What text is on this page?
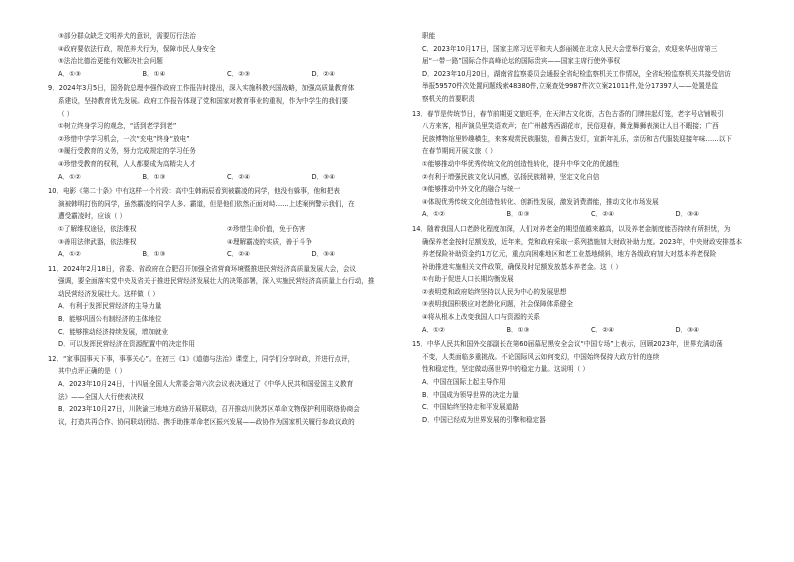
③部分群众缺乏文明养犬的意识，需要厉行法治
④政府要依法行政，规范养犬行为，保障市民人身安全
⑤法治比德治更能有效解决社会问题
A．①③	B．①④	C．②③	D．②④
9．2024年3月5日，国务院总理李强作政府工作报告时提出，深入实施科教兴国战略，加强高质量教育体
系建设，坚持教育优先发展。政府工作报告体现了党和国家对教育事业的重视，作为中学生的我们要
（ ）
①树立终身学习的观念，“活到老学到老”
②珍惜中学学习机会，一次“充电”终身“放电”
③履行受教育的义务，努力完成规定的学习任务
④珍惜受教育的权利，人人都要成为高精尖人才
A．①②	B．①③	C．②④	D．③④
10．电影《第二十条》中有这样一个片段：高中生韩雨辰看到被霸凌的同学，他没有躲事，他和把表
演被韩明打伤的同学，虽然霸凌的同学人多、霸道，但是他们依然正面对峙……上述案例警示我们，在
遭受霸凌时，应该（ ）
①了解维权途径，依法维权	②珍惜生命价值，免于伤害
③善用法律武器，依法维权	④理解霸凌的实质，善于斗争
A．①②	B．①③	C．②④	D．③④
11．2024年2月18日，省委、省政府在合肥召开加强全省营商环境暨推进民营经济高质量发展大会，会议
强调，要全面落实党中央及省关于推进民营经济发展壮大的决策部署，深入实施民营经济高质量上台行动，推
动民营经济发展壮大。这样做（ ）
A．有利于发挥民营经济的主导力量
B．能够巩固公有制经济的主体地位
C．能够推动经济持续发展，增加就业
D．可以发挥民营经济在资源配置中的决定作用
12．“家事国事天下事，事事关心”。在初三《1》《道德与法治》课堂上，同学们分享时政，并进行点评，
其中点评正确的是（ ）
A．2023年10月24日，十四届全国人大常委会第六次会议表决通过了《中华人民共和国爱国主义教育
法》——全国人大行使表决权
B．2023年10月27日，川陕渝三地地方政协开展联动，召开推动川陕苏区革命文物保护利用联络协商会
议，打造共再合作、协同联动团结、携手助推革命老区振兴发展——政协作为国家机关履行参政议政的
职能
C．2023年10月17日，国家主席习近平和夫人彭丽媛在北京人民大会堂举行宴会，欢迎来华出席第三
届“一带一路”国际合作高峰论坛的国际贵宾——国家主席行使外事权
D．2023年10月20日，湖南省监察委员会通报全省纪检监察机关工作情况，全省纪检监察机关共接受信访
举报59570件次处置问题线索48380件,立案查处9987件次立案21011件,处分17397人——处置是监
察机关的首要职责
13．春节是传统节日，春节前期更文旅旺季，在天津古文化街，古色古香的门牌挂起灯笼，老字号店铺吸引
八方来客，相声演员里笑语欢声；在广州越秀西湖花市，民俗迎春，舞龙舞狮表演让人目不暇接；广西
民族博物馆里妙趣横生，来客观赏民族服装，看舞古发灯，宣新年礼乐，亲历和古代服装迎接年味……以下
在春节期间开展文旅（ ）
①能够推动中华优秀传统文化的创造性转化，提升中华文化的优越性
②有利于增强民族文化认同感，弘扬民族精神，坚定文化自信
③能够推动中外文化的融合与统一
④体现优秀传统文化创造性转化、创新性发展，激发消费潜能，推动文化市场发展
A．①②	B．①③	C．②④	D．③④
14．随着我国人口老龄化程度加深，人们对养老金的期望值越来越高，以及养老金制度能否持续有所担忧，为
确保养老金按时足额发放，近年来，党和政府采取一系列措施加大财政补助力度。2023年，中央财政安排基本
养老保险补助资金约1万亿元，重点向困难地区和老工业基地倾斜，地方各级政府加大对基本养老保险
补助推进实施相关文件政策，确保及时足额发放基本养老金。这（ ）
①有助于促进人口长期均衡发展
②表明党和政府始终坚持以人民为中心的发展思想
③表明我国积极应对老龄化问题，社会保障体系健全
④将从根本上改变我国人口与资源的关系
A．①②	B．①③	C．②④	D．③④
15．中华人民共和国外交部副长在第60届慕尼黑安全会议“中国专场”上表示，回顾2023年，世界充满动荡
不变，人类面临多重挑战。不论国际风云如何变幻，中国始终保持大政方针的连续
性和稳定性，坚定做动荡世界中的稳定力量。这说明（ ）
A．中国在国际上起主导作用
B．中国成为领导世界的决定力量
C．中国始终坚持走和平发展道路
D．中国已经成为世界发展的引擎和稳定器
